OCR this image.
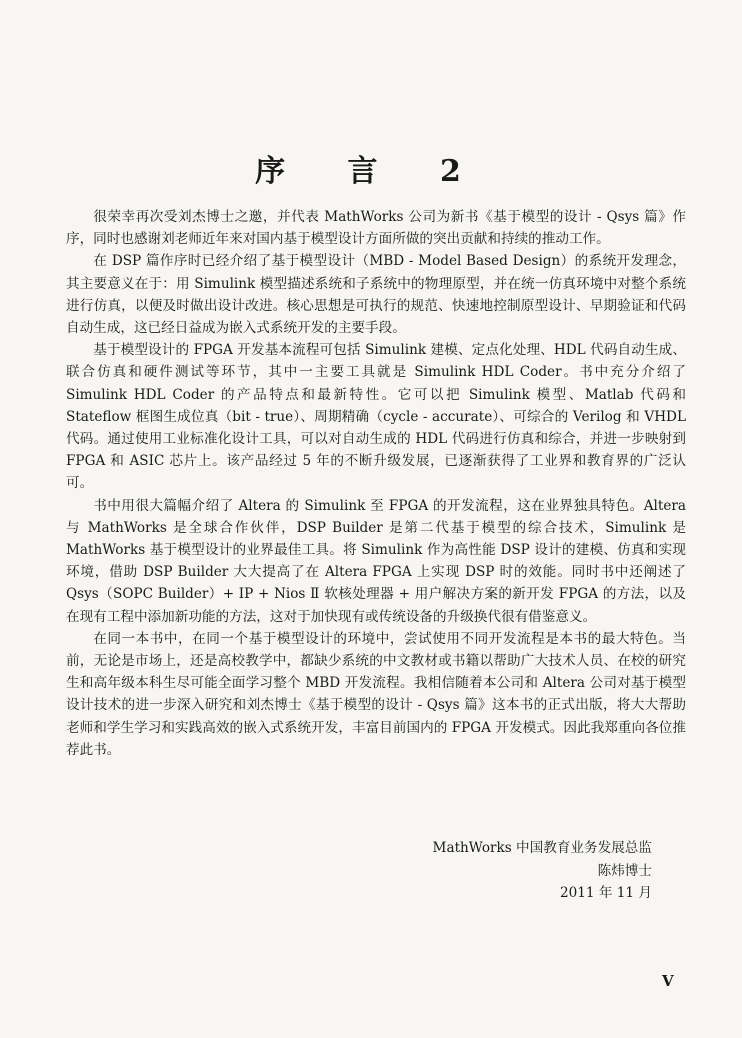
序 言 2

很荣幸再次受刘杰博士之邀，并代表 MathWorks 公司为新书《基于模型的设计 - Qsys 篇》作序，同时也感谢刘老师近年来对国内基于模型设计方面所做的突出贡献和持续的推动工作。

在 DSP 篇作序时已经介绍了基于模型设计（MBD - Model Based Design）的系统开发理念，其主要意义在于：用 Simulink 模型描述系统和子系统中的物理原型，并在统一仿真环境中对整个系统进行仿真，以便及时做出设计改进。核心思想是可执行的规范、快速地控制原型设计、早期验证和代码自动生成，这已经日益成为嵌入式系统开发的主要手段。

基于模型设计的 FPGA 开发基本流程可包括 Simulink 建模、定点化处理、HDL 代码自动生成、联合仿真和硬件测试等环节，其中一主要工具就是 Simulink HDL Coder。书中充分介绍了 Simulink HDL Coder 的产品特点和最新特性。它可以把 Simulink 模型、Matlab 代码和 Stateflow 框图生成位真（bit - true）、周期精确（cycle - accurate）、可综合的 Verilog 和 VHDL 代码。通过使用工业标准化设计工具，可以对自动生成的 HDL 代码进行仿真和综合，并进一步映射到 FPGA 和 ASIC 芯片上。该产品经过 5 年的不断升级发展，已逐渐获得了工业界和教育界的广泛认可。

书中用很大篇幅介绍了 Altera 的 Simulink 至 FPGA 的开发流程，这在业界独具特色。Altera 与 MathWorks 是全球合作伙伴，DSP Builder 是第二代基于模型的综合技术，Simulink 是 MathWorks 基于模型设计的业界最佳工具。将 Simulink 作为高性能 DSP 设计的建模、仿真和实现环境，借助 DSP Builder 大大提高了在 Altera FPGA 上实现 DSP 时的效能。同时书中还阐述了 Qsys（SOPC Builder）+ IP + Nios Ⅱ 软核处理器 + 用户解决方案的新开发 FPGA 的方法，以及在现有工程中添加新功能的方法，这对于加快现有或传统设备的升级换代很有借鉴意义。

在同一本书中，在同一个基于模型设计的环境中，尝试使用不同开发流程是本书的最大特色。当前，无论是市场上，还是高校教学中，都缺少系统的中文教材或书籍以帮助广大技术人员、在校的研究生和高年级本科生尽可能全面学习整个 MBD 开发流程。我相信随着本公司和 Altera 公司对基于模型设计技术的进一步深入研究和刘杰博士《基于模型的设计 - Qsys 篇》这本书的正式出版，将大大帮助老师和学生学习和实践高效的嵌入式系统开发，丰富目前国内的 FPGA 开发模式。因此我郑重向各位推荐此书。

MathWorks 中国教育业务发展总监
陈炜博士
2011 年 11 月
V
